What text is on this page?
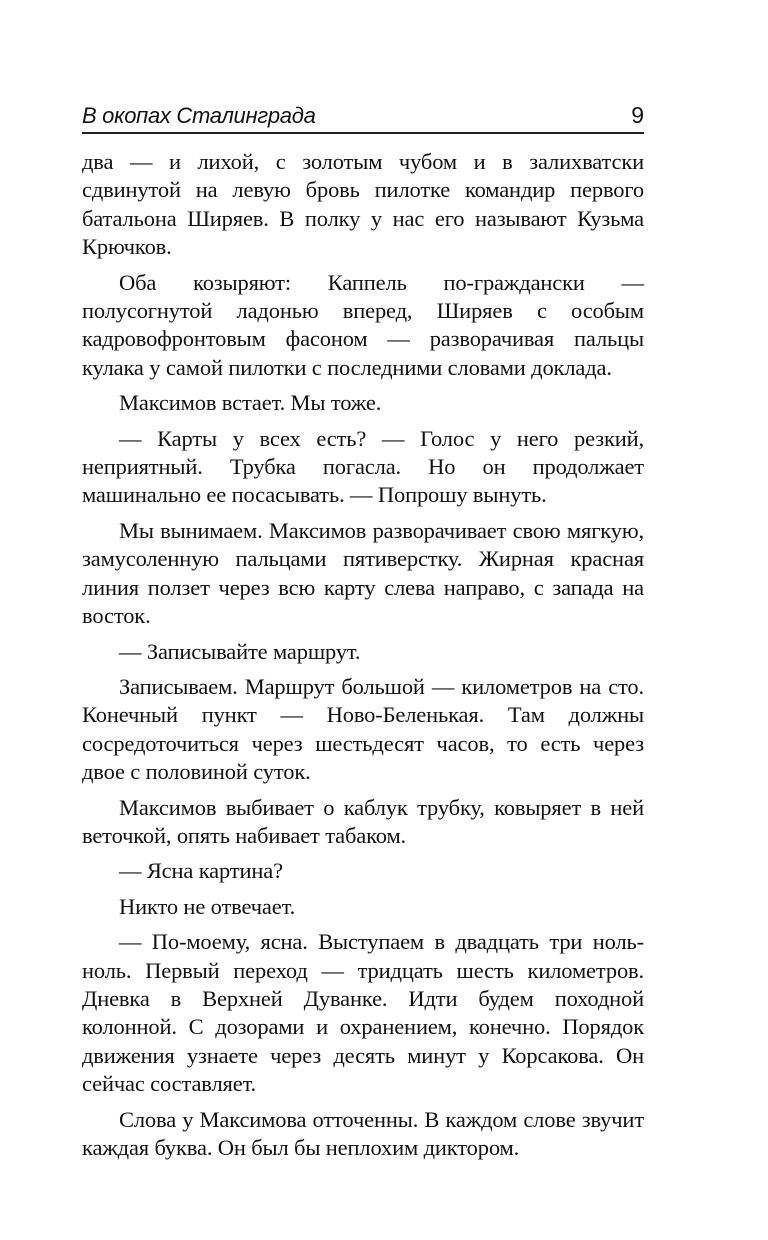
В окопах Сталинграда	9

два — и лихой, с золотым чубом и в залихватски сдвинутой на левую бровь пилотке командир первого батальона Ширяев. В полку у нас его называют Кузьма Крючков.

Оба козыряют: Каппель по-граждански — полусогнутой ладонью вперед, Ширяев с особым кадровофронтовым фасоном — разворачивая пальцы кулака у самой пилотки с последними словами доклада.

Максимов встает. Мы тоже.

— Карты у всех есть? — Голос у него резкий, неприятный. Трубка погасла. Но он продолжает машинально ее посасывать. — Попрошу вынуть.

Мы вынимаем. Максимов разворачивает свою мягкую, замусоленную пальцами пятиверстку. Жирная красная линия ползет через всю карту слева направо, с запада на восток.

— Записывайте маршрут.

Записываем. Маршрут большой — километров на сто. Конечный пункт — Ново-Беленькая. Там должны сосредоточиться через шестьдесят часов, то есть через двое с половиной суток.

Максимов выбивает о каблук трубку, ковыряет в ней веточкой, опять набивает табаком.

— Ясна картина?

Никто не отвечает.

— По-моему, ясна. Выступаем в двадцать три ноль-ноль. Первый переход — тридцать шесть километров. Дневка в Верхней Дуванке. Идти будем походной колонной. С дозорами и охранением, конечно. Порядок движения узнаете через десять минут у Корсакова. Он сейчас составляет.

Слова у Максимова отточенны. В каждом слове звучит каждая буква. Он был бы неплохим диктором.
